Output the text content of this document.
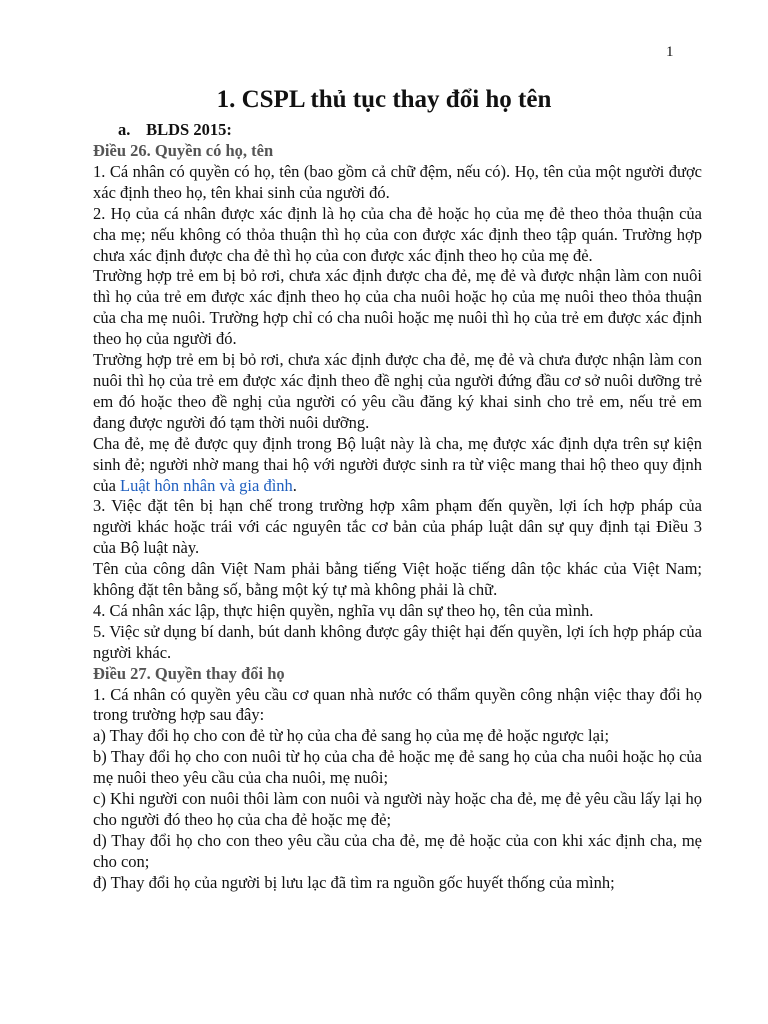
1
1. CSPL thủ tục thay đổi họ tên
a. BLDS 2015:

Điều 26. Quyền có họ, tên

1. Cá nhân có quyền có họ, tên (bao gồm cả chữ đệm, nếu có). Họ, tên của một người được xác định theo họ, tên khai sinh của người đó.

2. Họ của cá nhân được xác định là họ của cha đẻ hoặc họ của mẹ đẻ theo thỏa thuận của cha mẹ; nếu không có thỏa thuận thì họ của con được xác định theo tập quán. Trường hợp chưa xác định được cha đẻ thì họ của con được xác định theo họ của mẹ đẻ.

Trường hợp trẻ em bị bỏ rơi, chưa xác định được cha đẻ, mẹ đẻ và được nhận làm con nuôi thì họ của trẻ em được xác định theo họ của cha nuôi hoặc họ của mẹ nuôi theo thỏa thuận của cha mẹ nuôi. Trường hợp chỉ có cha nuôi hoặc mẹ nuôi thì họ của trẻ em được xác định theo họ của người đó.

Trường hợp trẻ em bị bỏ rơi, chưa xác định được cha đẻ, mẹ đẻ và chưa được nhận làm con nuôi thì họ của trẻ em được xác định theo đề nghị của người đứng đầu cơ sở nuôi dưỡng trẻ em đó hoặc theo đề nghị của người có yêu cầu đăng ký khai sinh cho trẻ em, nếu trẻ em đang được người đó tạm thời nuôi dưỡng.

Cha đẻ, mẹ đẻ được quy định trong Bộ luật này là cha, mẹ được xác định dựa trên sự kiện sinh đẻ; người nhờ mang thai hộ với người được sinh ra từ việc mang thai hộ theo quy định của Luật hôn nhân và gia đình.

3. Việc đặt tên bị hạn chế trong trường hợp xâm phạm đến quyền, lợi ích hợp pháp của người khác hoặc trái với các nguyên tắc cơ bản của pháp luật dân sự quy định tại Điều 3 của Bộ luật này.

Tên của công dân Việt Nam phải bằng tiếng Việt hoặc tiếng dân tộc khác của Việt Nam; không đặt tên bằng số, bằng một ký tự mà không phải là chữ.

4. Cá nhân xác lập, thực hiện quyền, nghĩa vụ dân sự theo họ, tên của mình.

5. Việc sử dụng bí danh, bút danh không được gây thiệt hại đến quyền, lợi ích hợp pháp của người khác.

Điều 27. Quyền thay đổi họ

1. Cá nhân có quyền yêu cầu cơ quan nhà nước có thẩm quyền công nhận việc thay đổi họ trong trường hợp sau đây:

a) Thay đổi họ cho con đẻ từ họ của cha đẻ sang họ của mẹ đẻ hoặc ngược lại;

b) Thay đổi họ cho con nuôi từ họ của cha đẻ hoặc mẹ đẻ sang họ của cha nuôi hoặc họ của mẹ nuôi theo yêu cầu của cha nuôi, mẹ nuôi;

c) Khi người con nuôi thôi làm con nuôi và người này hoặc cha đẻ, mẹ đẻ yêu cầu lấy lại họ cho người đó theo họ của cha đẻ hoặc mẹ đẻ;

d) Thay đổi họ cho con theo yêu cầu của cha đẻ, mẹ đẻ hoặc của con khi xác định cha, mẹ cho con;

đ) Thay đổi họ của người bị lưu lạc đã tìm ra nguồn gốc huyết thống của mình;
